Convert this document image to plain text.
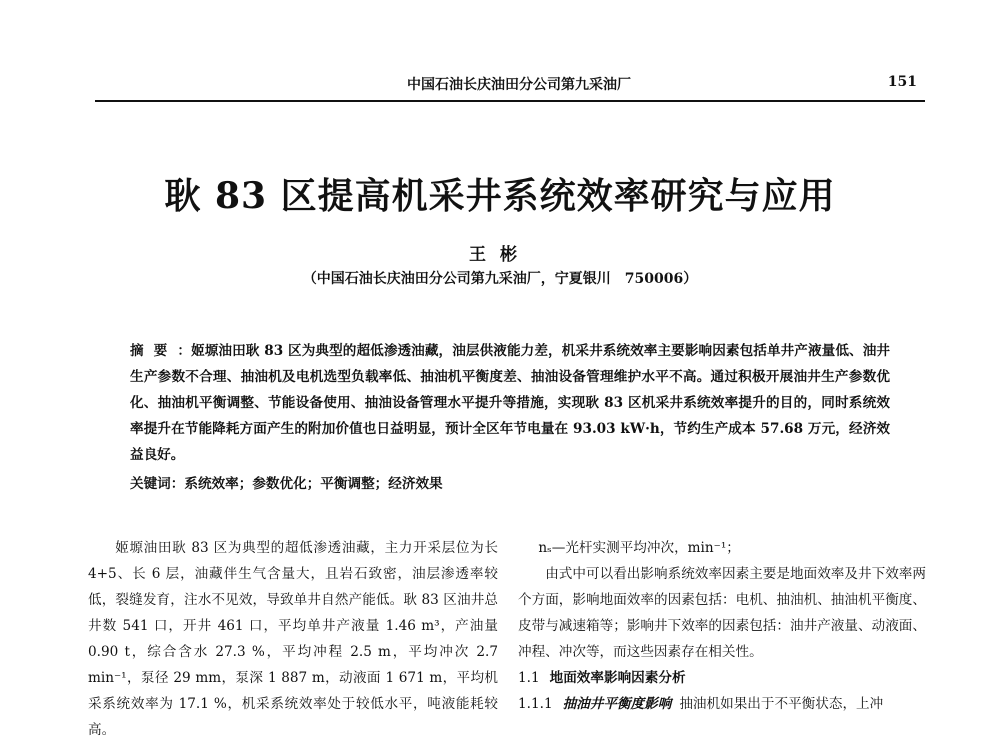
中国石油长庆油田分公司第九采油厂	151
耿 83 区提高机采井系统效率研究与应用
王彬
（中国石油长庆油田分公司第九采油厂，宁夏银川　750006）
摘要：姬塬油田耿 83 区为典型的超低渗透油藏，油层供液能力差，机采井系统效率主要影响因素包括单井产液量低、油井生产参数不合理、抽油机及电机选型负载率低、抽油机平衡度差、抽油设备管理维护水平不高。通过积极开展油井生产参数优化、抽油机平衡调整、节能设备使用、抽油设备管理水平提升等措施，实现耿 83 区机采井系统效率提升的目的，同时系统效率提升在节能降耗方面产生的附加价值也日益明显，预计全区年节电量在 93.03 kW·h，节约生产成本 57.68 万元，经济效益良好。
关键词：系统效率；参数优化；平衡调整；经济效果

姬塬油田耿 83 区为典型的超低渗透油藏，主力开采层位为长 4+5、长 6 层，油藏伴生气含量大，且岩石致密，油层渗透率较低，裂缝发育，注水不见效，导致单井自然产能低。耿 83 区油井总井数 541 口，开井 461 口，平均单井产液量 1.46 m³，产油量 0.90 t，综合含水 27.3 %，平均冲程 2.5 m，平均冲次 2.7 min⁻¹，泵径 29 mm，泵深 1 887 m，动液面 1 671 m，平均机采系统效率为 17.1 %，机采系统效率处于较低水平，吨液能耗较高。

nₛ—光杆实测平均冲次，min⁻¹；

由式中可以看出影响系统效率因素主要是地面效率及井下效率两个方面，影响地面效率的因素包括：电机、抽油机、抽油机平衡度、皮带与减速箱等；影响井下效率的因素包括：油井产液量、动液面、冲程、冲次等，而这些因素存在相关性。

1.1 地面效率影响因素分析

1.1.1 抽油井平衡度影响 抽油机如果出于不平衡状态，上冲
